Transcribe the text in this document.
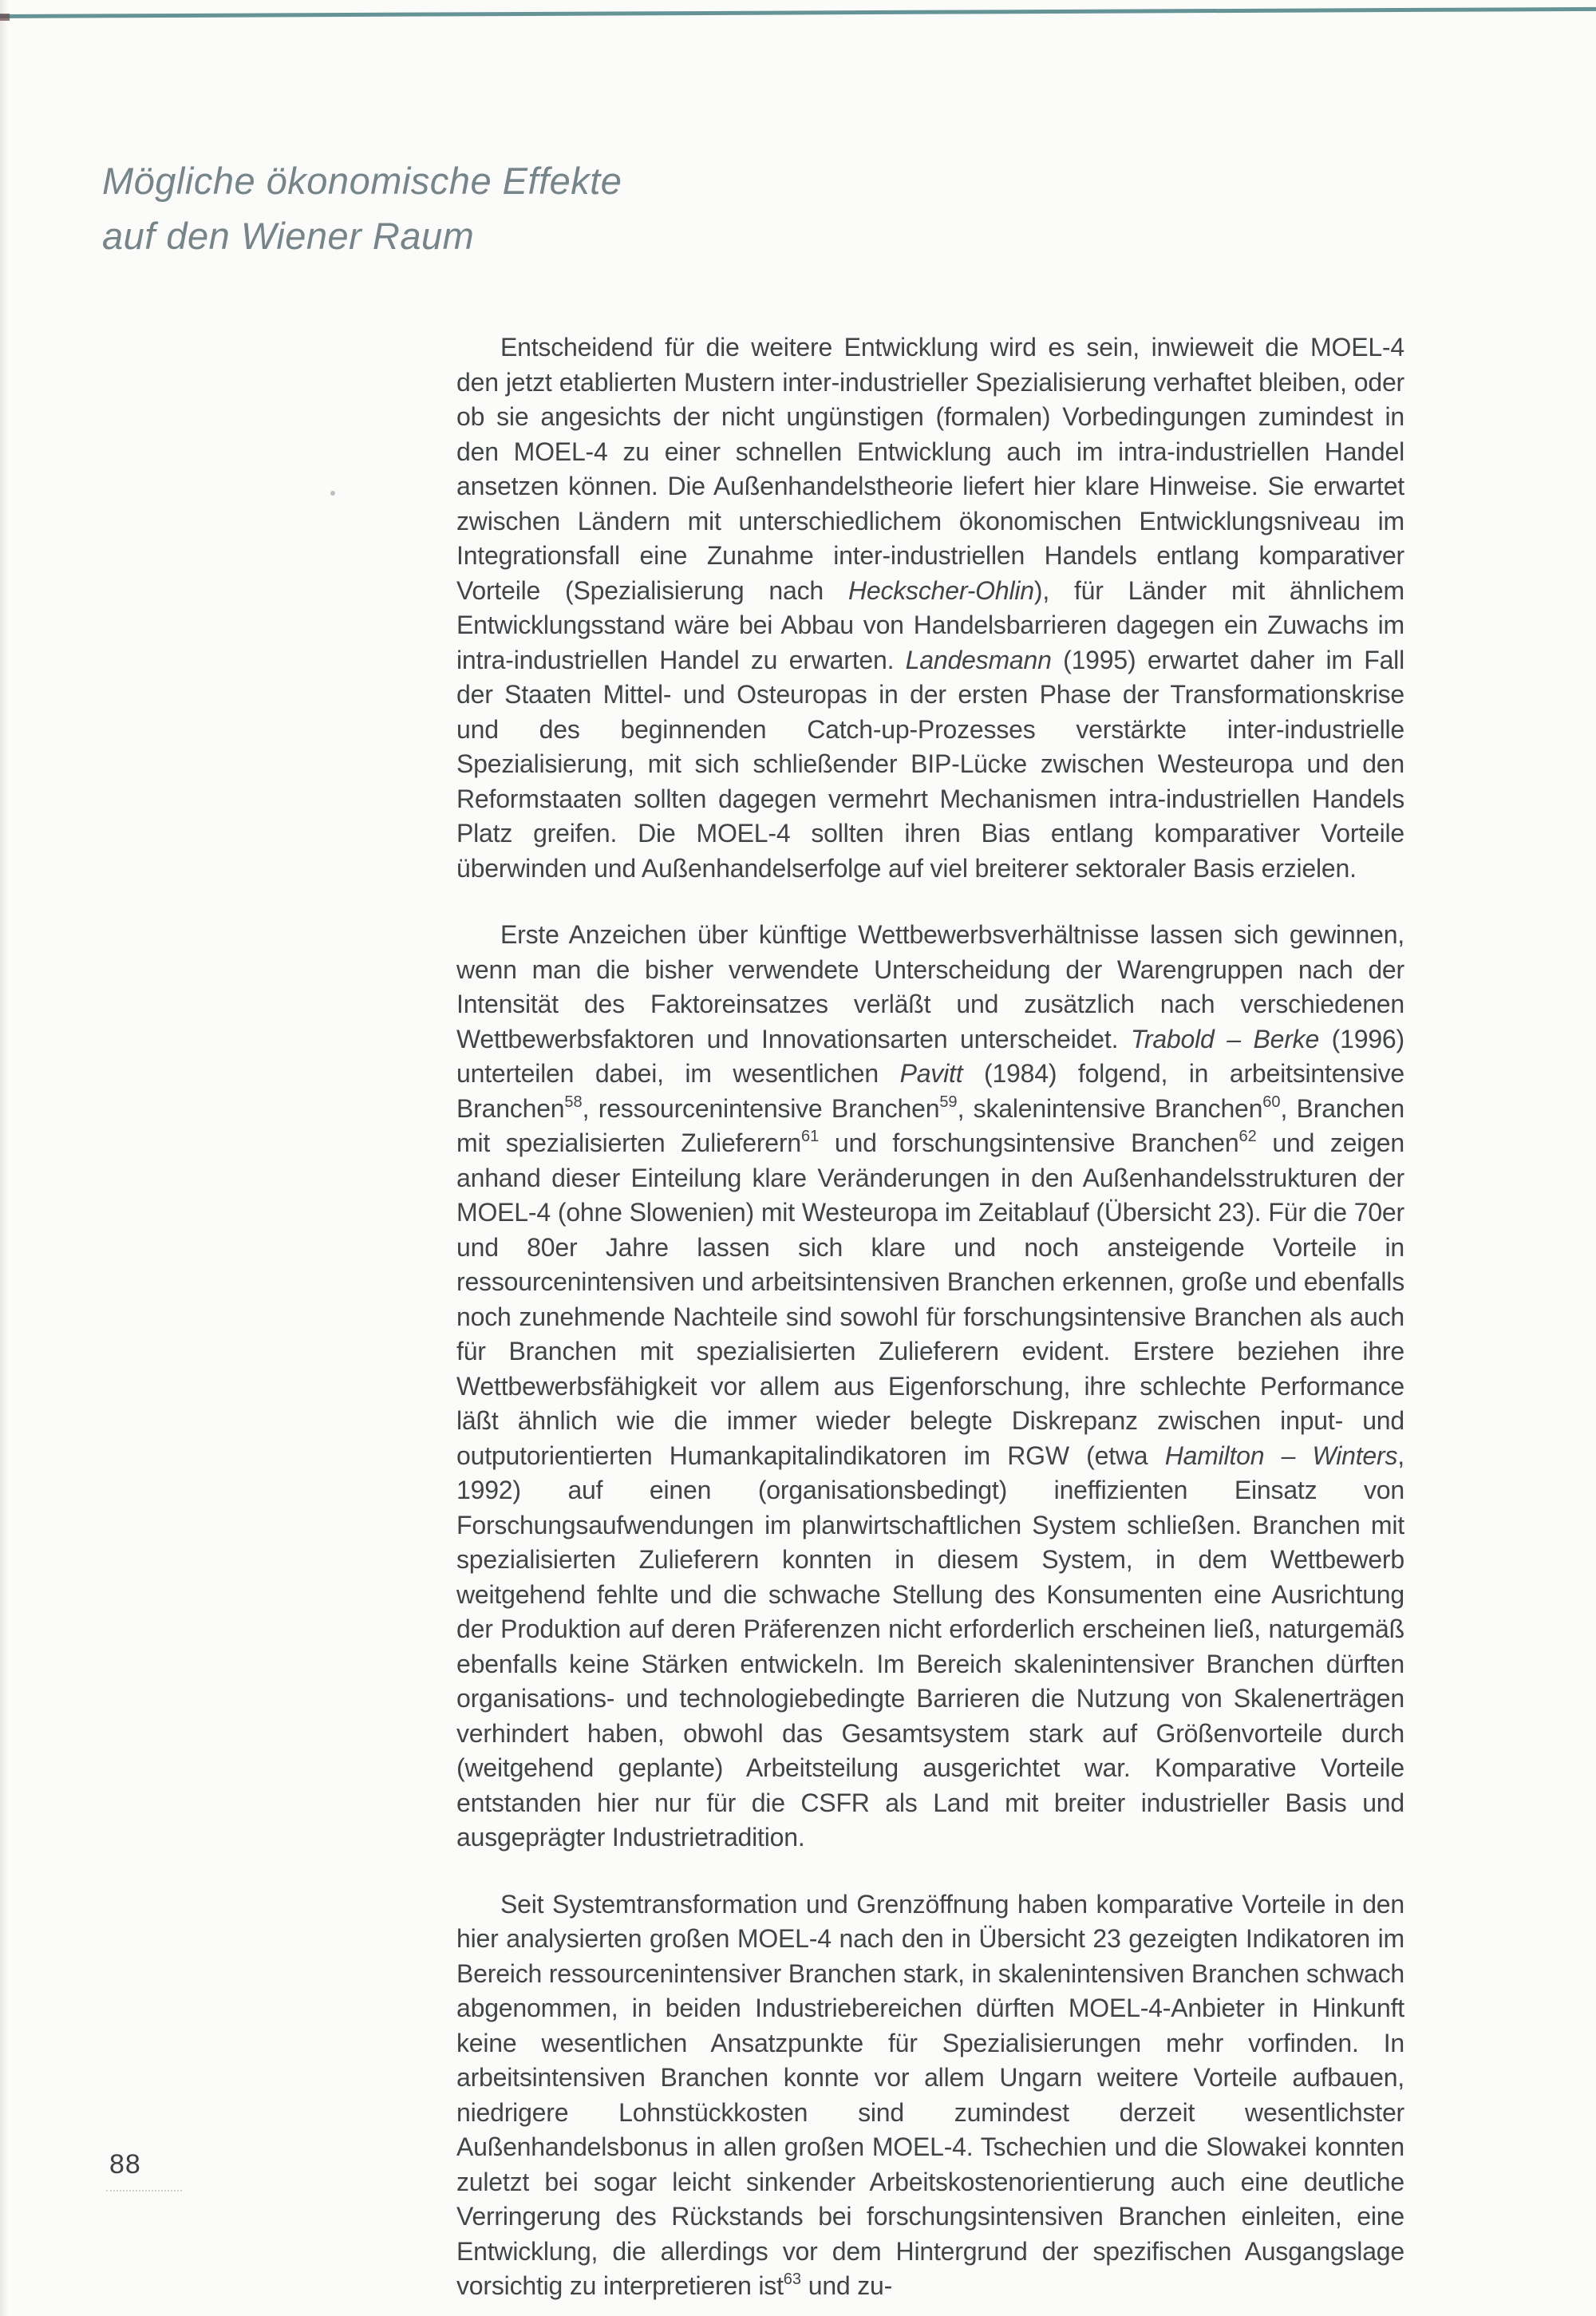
Mögliche ökonomische Effekte
auf den Wiener Raum

Entscheidend für die weitere Entwicklung wird es sein, inwieweit die MOEL-4 den jetzt etablierten Mustern inter-industrieller Spezialisierung verhaftet bleiben, oder ob sie angesichts der nicht ungünstigen (formalen) Vorbedingungen zumindest in den MOEL-4 zu einer schnellen Entwicklung auch im intra-industriellen Handel ansetzen können. Die Außenhandelstheorie liefert hier klare Hinweise. Sie erwartet zwischen Ländern mit unterschiedlichem ökonomischen Entwicklungsniveau im Integrationsfall eine Zunahme inter-industriellen Handels entlang komparativer Vorteile (Spezialisierung nach Heckscher-Ohlin), für Länder mit ähnlichem Entwicklungsstand wäre bei Abbau von Handelsbarrieren dagegen ein Zuwachs im intra-industriellen Handel zu erwarten. Landesmann (1995) erwartet daher im Fall der Staaten Mittel- und Osteuropas in der ersten Phase der Transformationskrise und des beginnenden Catch-up-Prozesses verstärkte inter-industrielle Spezialisierung, mit sich schließender BIP-Lücke zwischen Westeuropa und den Reformstaaten sollten dagegen vermehrt Mechanismen intra-industriellen Handels Platz greifen. Die MOEL-4 sollten ihren Bias entlang komparativer Vorteile überwinden und Außenhandelserfolge auf viel breiterer sektoraler Basis erzielen.

Erste Anzeichen über künftige Wettbewerbsverhältnisse lassen sich gewinnen, wenn man die bisher verwendete Unterscheidung der Warengruppen nach der Intensität des Faktoreinsatzes verläßt und zusätzlich nach verschiedenen Wettbewerbsfaktoren und Innovationsarten unterscheidet. Trabold – Berke (1996) unterteilen dabei, im wesentlichen Pavitt (1984) folgend, in arbeitsintensive Branchen$^{58}$, ressourcenintensive Branchen$^{59}$, skalenintensive Branchen$^{60}$, Branchen mit spezialisierten Zulieferern$^{61}$ und forschungsintensive Branchen$^{62}$ und zeigen anhand dieser Einteilung klare Veränderungen in den Außenhandelsstrukturen der MOEL-4 (ohne Slowenien) mit Westeuropa im Zeitablauf (Übersicht 23). Für die 70er und 80er Jahre lassen sich klare und noch ansteigende Vorteile in ressourcenintensiven und arbeitsintensiven Branchen erkennen, große und ebenfalls noch zunehmende Nachteile sind sowohl für forschungsintensive Branchen als auch für Branchen mit spezialisierten Zulieferern evident. Erstere beziehen ihre Wettbewerbsfähigkeit vor allem aus Eigenforschung, ihre schlechte Performance läßt ähnlich wie die immer wieder belegte Diskrepanz zwischen input- und outputorientierten Humankapitalindikatoren im RGW (etwa Hamilton – Winters, 1992) auf einen (organisationsbedingt) ineffizienten Einsatz von Forschungsaufwendungen im planwirtschaftlichen System schließen. Branchen mit spezialisierten Zulieferern konnten in diesem System, in dem Wettbewerb weitgehend fehlte und die schwache Stellung des Konsumenten eine Ausrichtung der Produktion auf deren Präferenzen nicht erforderlich erscheinen ließ, naturgemäß ebenfalls keine Stärken entwickeln. Im Bereich skalenintensiver Branchen dürften organisations- und technologiebedingte Barrieren die Nutzung von Skalenerträgen verhindert haben, obwohl das Gesamtsystem stark auf Größenvorteile durch (weitgehend geplante) Arbeitsteilung ausgerichtet war. Komparative Vorteile entstanden hier nur für die CSFR als Land mit breiter industrieller Basis und ausgeprägter Industrietradition.

Seit Systemtransformation und Grenzöffnung haben komparative Vorteile in den hier analysierten großen MOEL-4 nach den in Übersicht 23 gezeigten Indikatoren im Bereich ressourcenintensiver Branchen stark, in skalenintensiven Branchen schwach abgenommen, in beiden Industriebereichen dürften MOEL-4-Anbieter in Hinkunft keine wesentlichen Ansatzpunkte für Spezialisierungen mehr vorfinden. In arbeitsintensiven Branchen konnte vor allem Ungarn weitere Vorteile aufbauen, niedrigere Lohnstückkosten sind zumindest derzeit wesentlichster Außenhandelsbonus in allen großen MOEL-4. Tschechien und die Slowakei konnten zuletzt bei sogar leicht sinkender Arbeitskostenorientierung auch eine deutliche Verringerung des Rückstands bei forschungsintensiven Branchen einleiten, eine Entwicklung, die allerdings vor dem Hintergrund der spezifischen Ausgangslage vorsichtig zu interpretieren ist$^{63}$ und zu-

88
